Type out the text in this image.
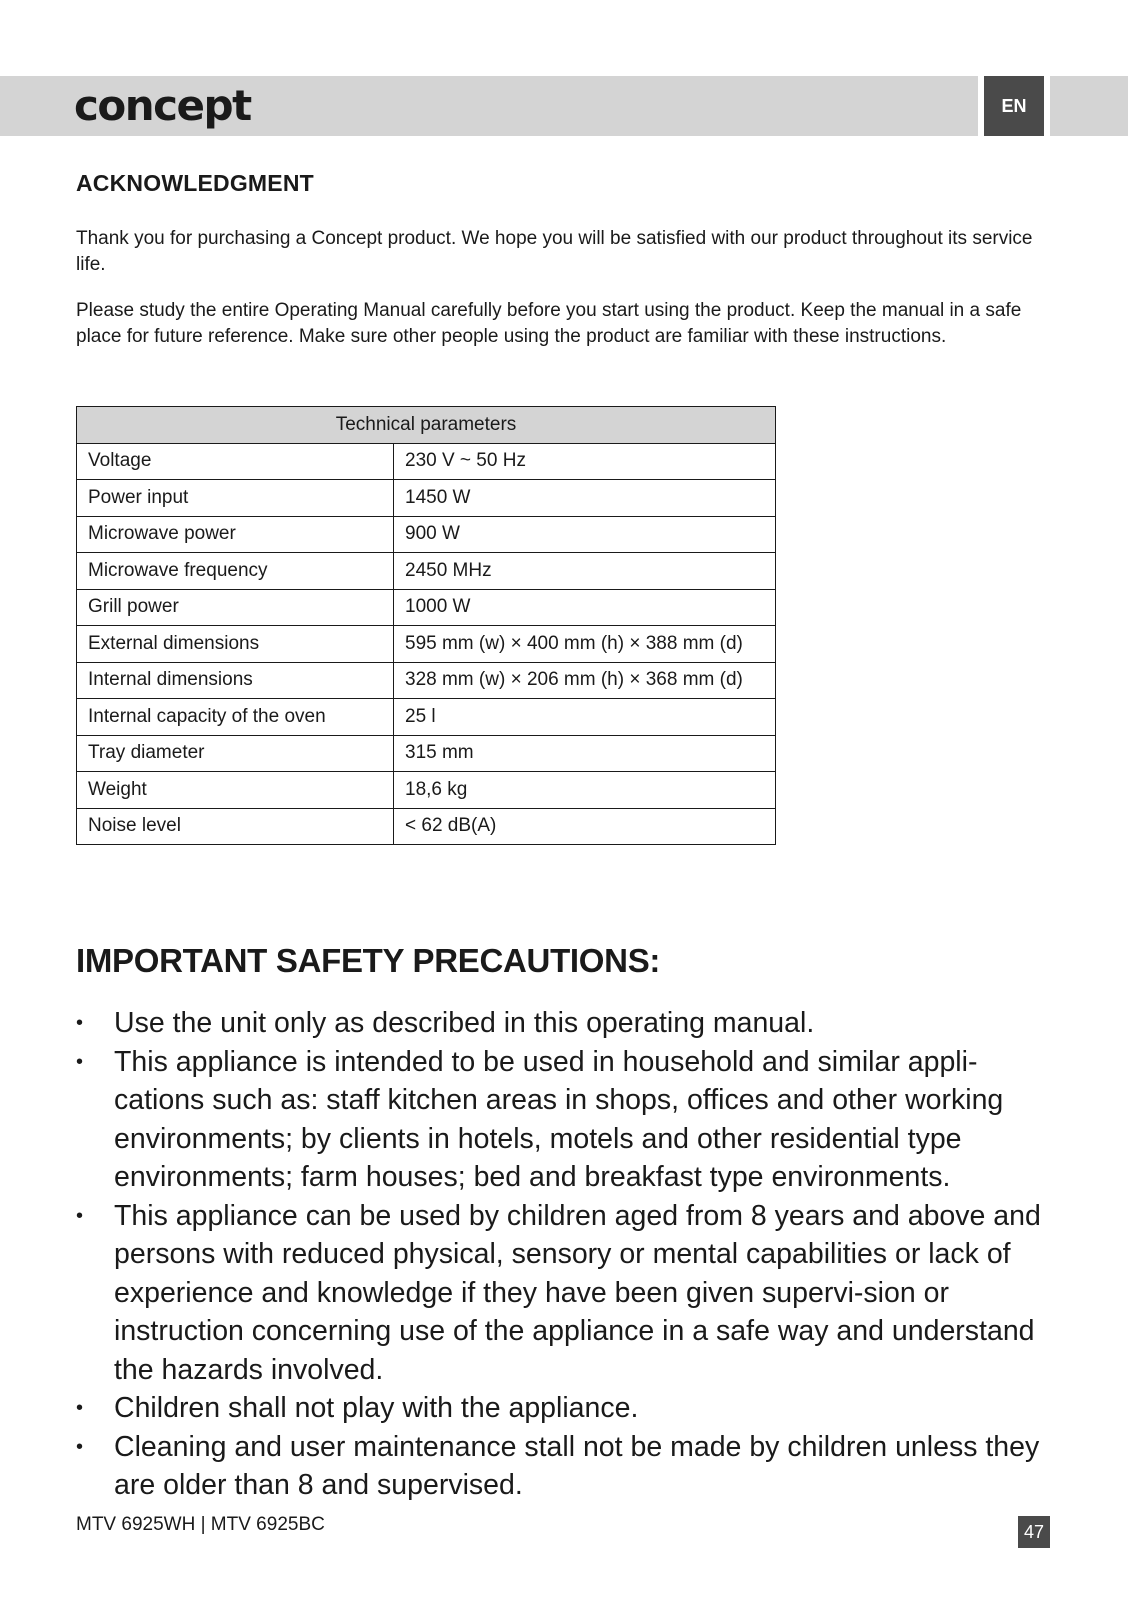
concept	EN
ACKNOWLEDGMENT

Thank you for purchasing a Concept product. We hope you will be satisfied with our product throughout its service life.

Please study the entire Operating Manual carefully before you start using the product. Keep the manual in a safe place for future reference. Make sure other people using the product are familiar with these instructions.

Technical parameters	
Voltage	230 V ~ 50 Hz
Power input	1450 W
Microwave power	900 W
Microwave frequency	2450 MHz
Grill power	1000 W
External dimensions	595 mm (w) × 400 mm (h) × 388 mm (d)
Internal dimensions	328 mm (w) × 206 mm (h) × 368 mm (d)
Internal capacity of the oven	25 l
Tray diameter	315 mm
Weight	18,6 kg
Noise level	< 62 dB(A)
IMPORTANT SAFETY PRECAUTIONS:
• Use the unit only as described in this operating manual.
• This appliance is intended to be used in household and similar appli-cations such as: staff kitchen areas in shops, offices and other working environments; by clients in hotels, motels and other residential type environments; farm houses; bed and breakfast type environments.
• This appliance can be used by children aged from 8 years and above and persons with reduced physical, sensory or mental capabilities or lack of experience and knowledge if they have been given supervi-sion or instruction concerning use of the appliance in a safe way and understand the hazards involved.
• Children shall not play with the appliance.
• Cleaning and user maintenance stall not be made by children unless they are older than 8 and supervised.
MTV 6925WH | MTV 6925BC	47
